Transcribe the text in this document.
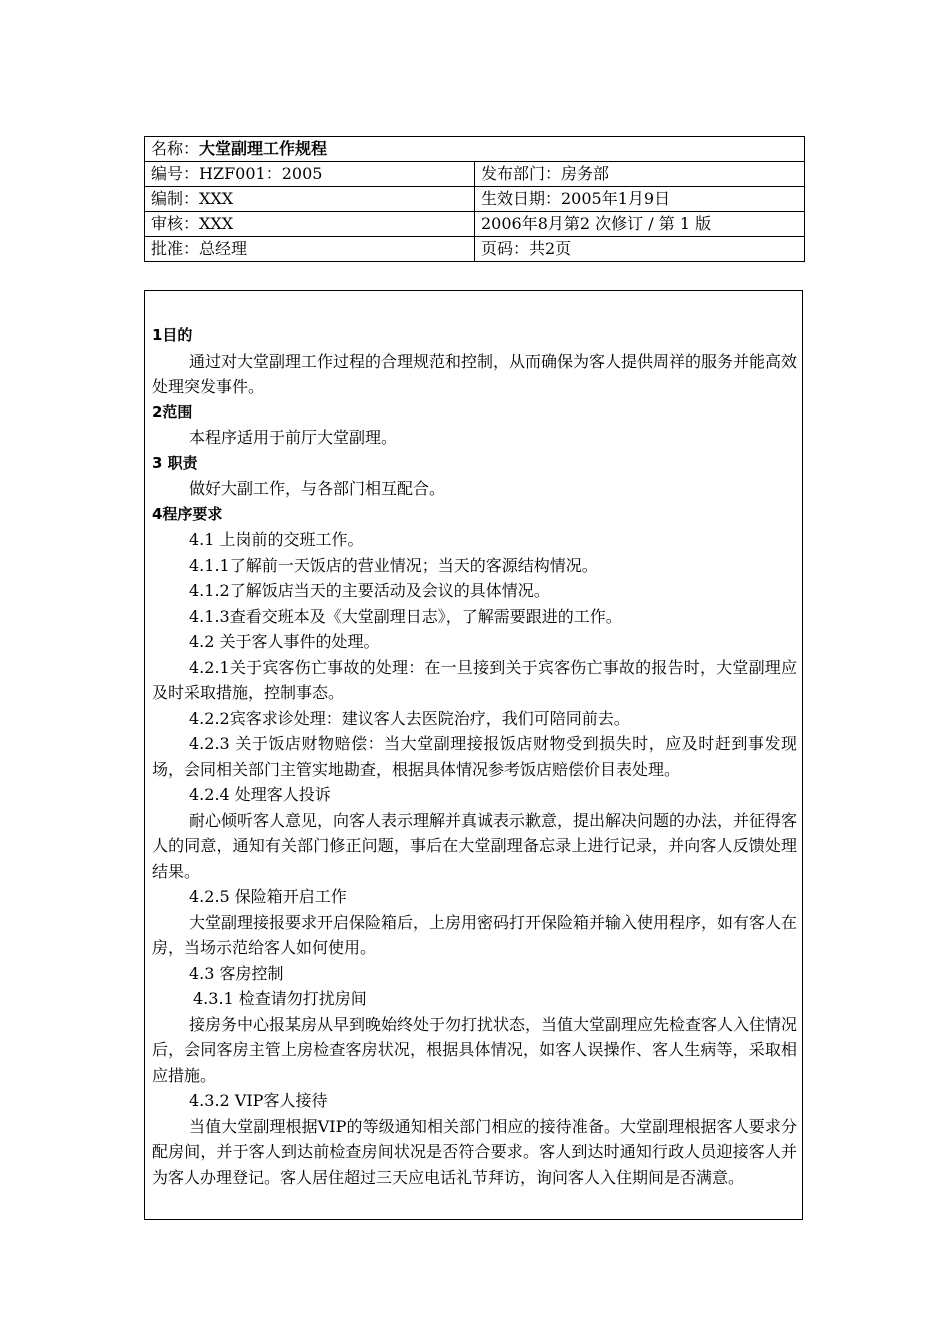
名称：大堂副理工作规程	
编号：HZF001：2005	发布部门：房务部
编制：XXX	生效日期：2005年1月9日
审核：XXX	2006年8月第2 次修订 / 第 1 版
批准：总经理	页码：共2页

1目的

通过对大堂副理工作过程的合理规范和控制，从而确保为客人提供周祥的服务并能高效处理突发事件。

2范围

本程序适用于前厅大堂副理。

3 职责

做好大副工作，与各部门相互配合。

4程序要求

4.1 上岗前的交班工作。

4.1.1了解前一天饭店的营业情况；当天的客源结构情况。

4.1.2了解饭店当天的主要活动及会议的具体情况。

4.1.3查看交班本及《大堂副理日志》，了解需要跟进的工作。

4.2 关于客人事件的处理。

4.2.1关于宾客伤亡事故的处理：在一旦接到关于宾客伤亡事故的报告时，大堂副理应及时采取措施，控制事态。

4.2.2宾客求诊处理：建议客人去医院治疗，我们可陪同前去。

4.2.3 关于饭店财物赔偿：当大堂副理接报饭店财物受到损失时，应及时赶到事发现场，会同相关部门主管实地勘查，根据具体情况参考饭店赔偿价目表处理。

4.2.4 处理客人投诉

耐心倾听客人意见，向客人表示理解并真诚表示歉意，提出解决问题的办法，并征得客人的同意，通知有关部门修正问题，事后在大堂副理备忘录上进行记录，并向客人反馈处理结果。

4.2.5 保险箱开启工作

大堂副理接报要求开启保险箱后，上房用密码打开保险箱并输入使用程序，如有客人在房，当场示范给客人如何使用。

4.3 客房控制

4.3.1 检查请勿打扰房间

接房务中心报某房从早到晚始终处于勿打扰状态，当值大堂副理应先检查客人入住情况后，会同客房主管上房检查客房状况，根据具体情况，如客人误操作、客人生病等，采取相应措施。

4.3.2 VIP客人接待

当值大堂副理根据VIP的等级通知相关部门相应的接待准备。大堂副理根据客人要求分配房间，并于客人到达前检查房间状况是否符合要求。客人到达时通知行政人员迎接客人并为客人办理登记。客人居住超过三天应电话礼节拜访，询问客人入住期间是否满意。
